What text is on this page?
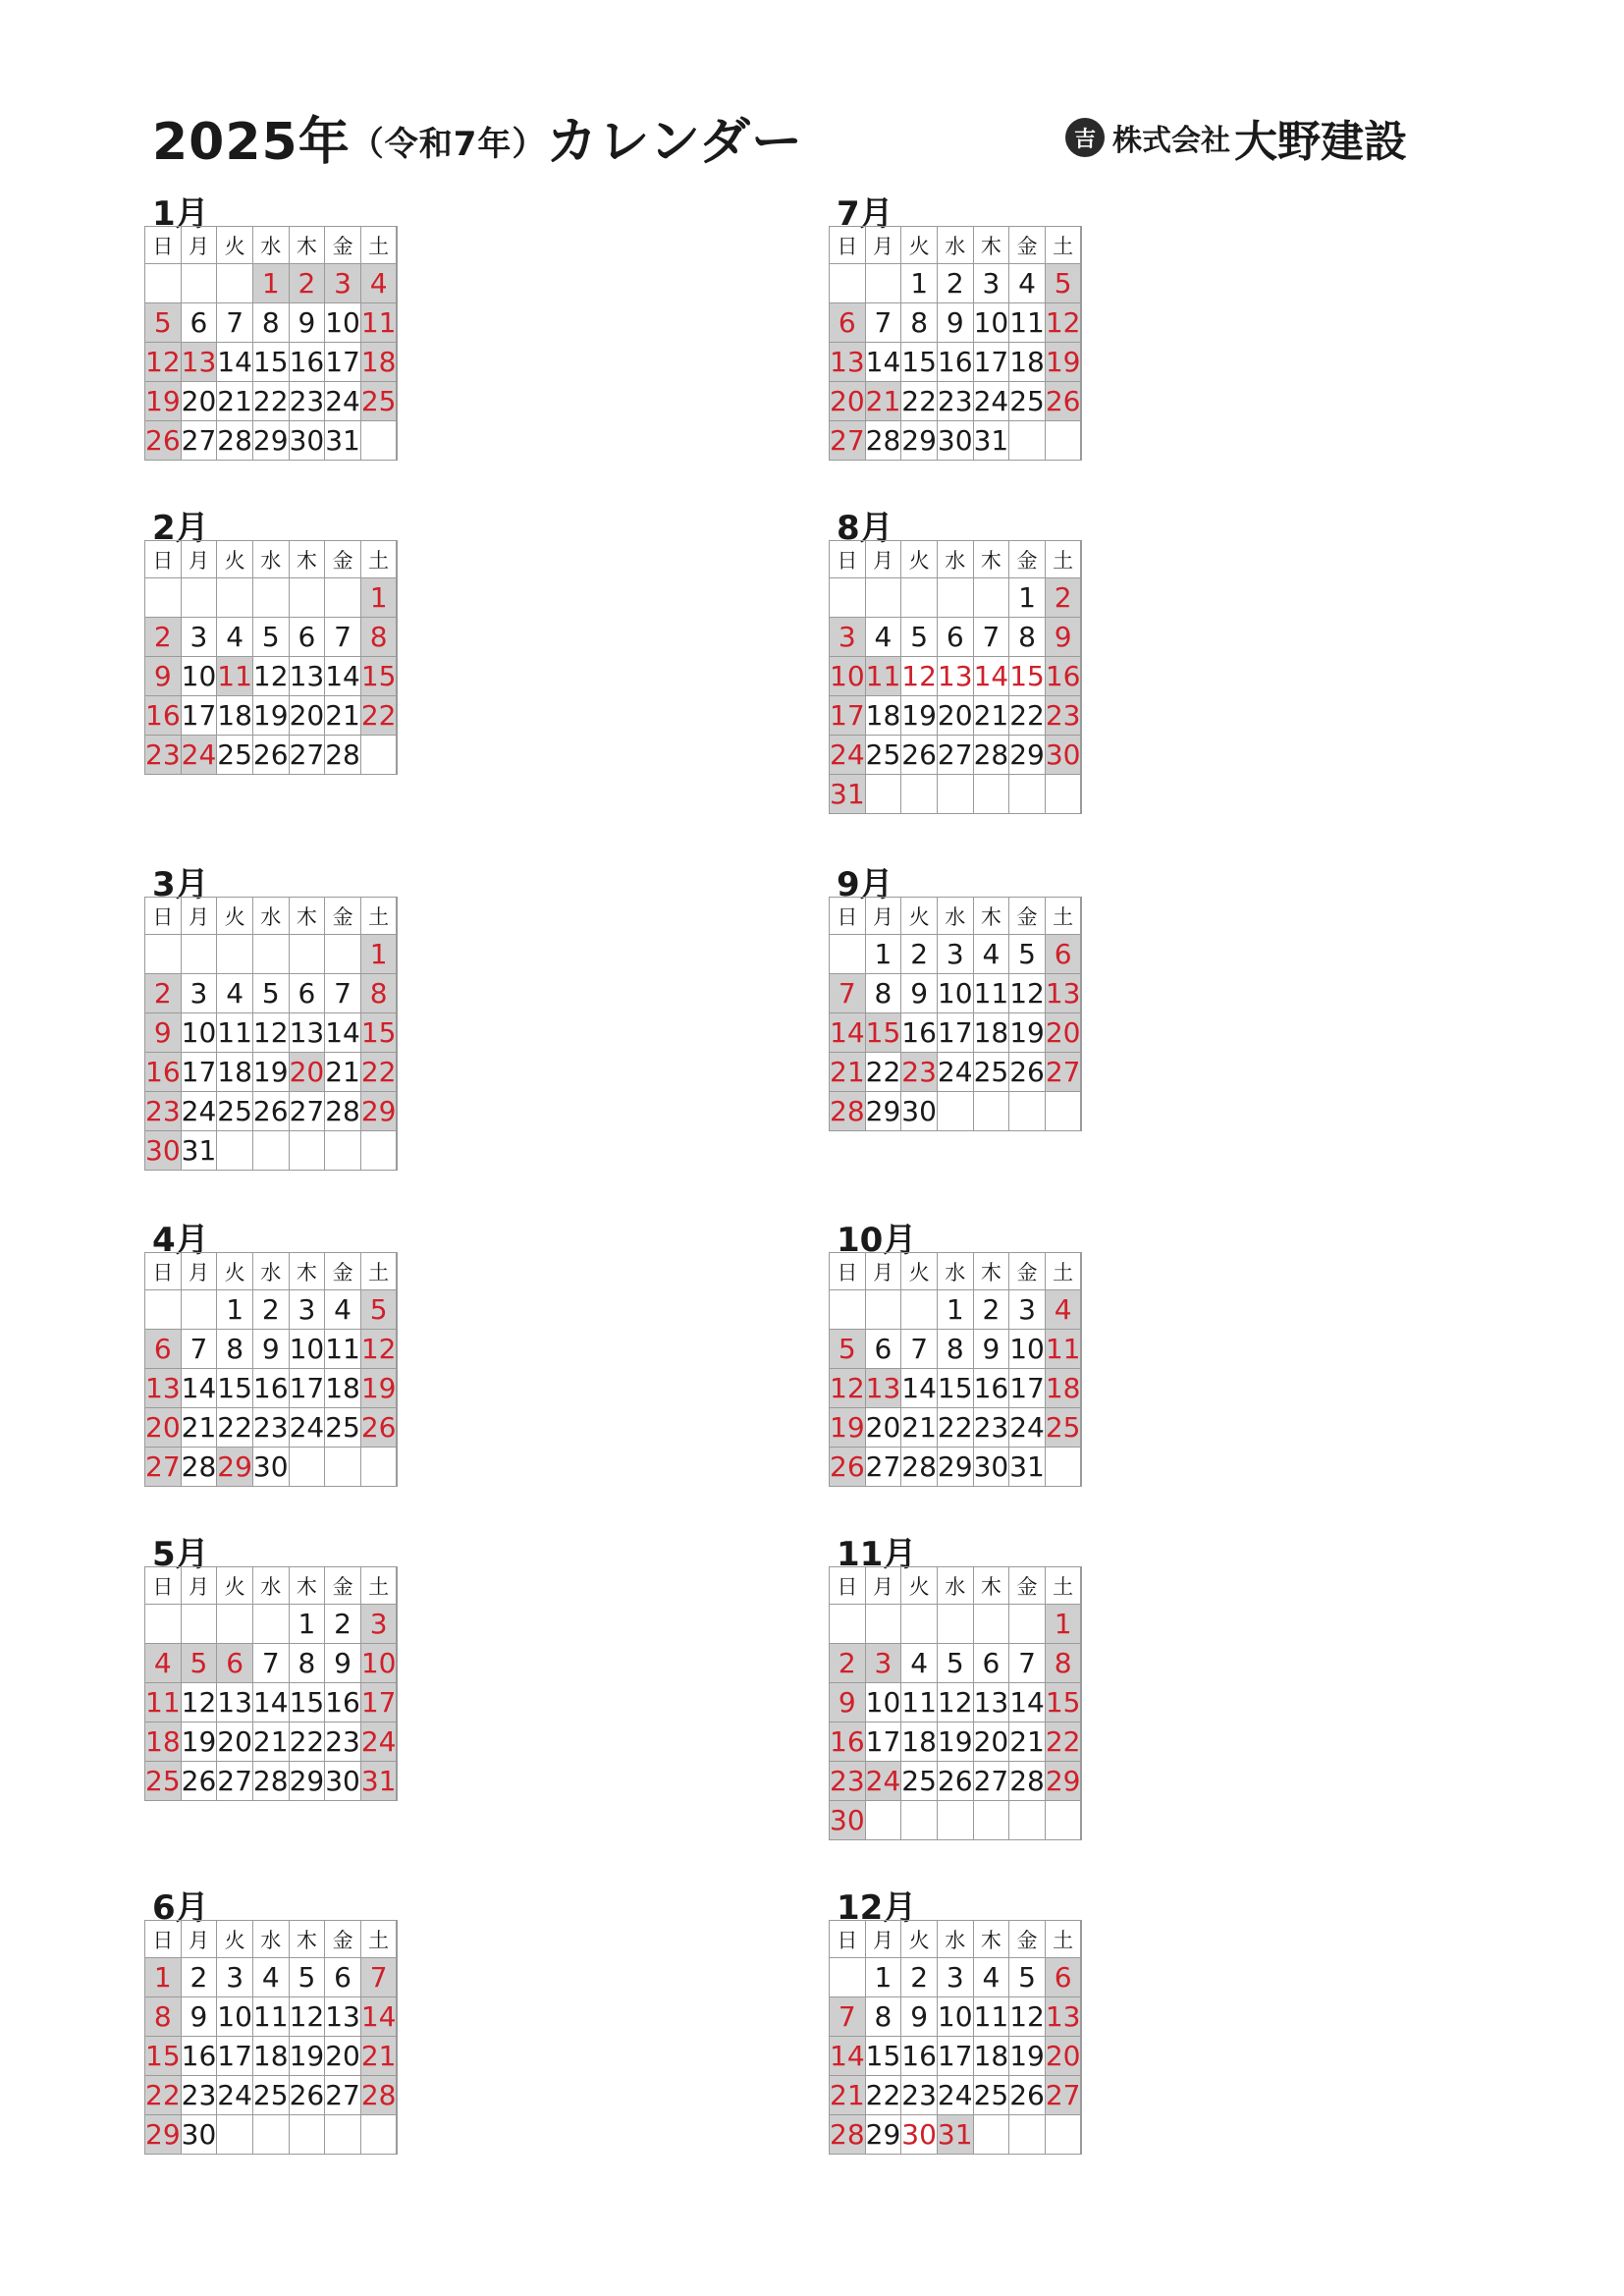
2025年（令和7年）カレンダー	吉 株式会社 大野建設
1月
日	月	火	水	木	金	土	
			1	2	3	4	

5	6	7	8	9	10	11	
12	13	14	15	16	17	18	
19	20	21	22	23	24	25	
26	27	28	29	30	31		
2月
日	月	火	水	木	金	土	
						1	

2	3	4	5	6	7	8	
9	10	11	12	13	14	15	
16	17	18	19	20	21	22	
23	24	25	26	27	28		
3月
日	月	火	水	木	金	土	
						1	

2	3	4	5	6	7	8	
9	10	11	12	13	14	15	
16	17	18	19	20	21	22	
23	24	25	26	27	28	29	
30	31						
4月
日	月	火	水	木	金	土	
		1	2	3	4	5	

6	7	8	9	10	11	12	
13	14	15	16	17	18	19	
20	21	22	23	24	25	26	
27	28	29	30				
5月
日	月	火	水	木	金	土	
				1	2	3	

4	5	6	7	8	9	10	
11	12	13	14	15	16	17	
18	19	20	21	22	23	24	
25	26	27	28	29	30	31	
6月
日	月	火	水	木	金	土	
1	2	3	4	5	6	7	
8	9	10	11	12	13	14	
15	16	17	18	19	20	21	
22	23	24	25	26	27	28	
29	30						
7月
日	月	火	水	木	金	土	
		1	2	3	4	5	

6	7	8	9	10	11	12	
13	14	15	16	17	18	19	
20	21	22	23	24	25	26	
27	28	29	30	31			
8月
日	月	火	水	木	金	土	
					1	2	

3	4	5	6	7	8	9	
10	11	12	13	14	15	16	
17	18	19	20	21	22	23	
24	25	26	27	28	29	30	
31							
9月
日	月	火	水	木	金	土	
	1	2	3	4	5	6	

7	8	9	10	11	12	13	
14	15	16	17	18	19	20	
21	22	23	24	25	26	27	
28	29	30					
10月
日	月	火	水	木	金	土	
			1	2	3	4	

5	6	7	8	9	10	11	
12	13	14	15	16	17	18	
19	20	21	22	23	24	25	
26	27	28	29	30	31		
11月
日	月	火	水	木	金	土	
						1	

2	3	4	5	6	7	8	
9	10	11	12	13	14	15	
16	17	18	19	20	21	22	
23	24	25	26	27	28	29	
30							
12月
日	月	火	水	木	金	土	
	1	2	3	4	5	6	

7	8	9	10	11	12	13	
14	15	16	17	18	19	20	
21	22	23	24	25	26	27	
28	29	30	31				
